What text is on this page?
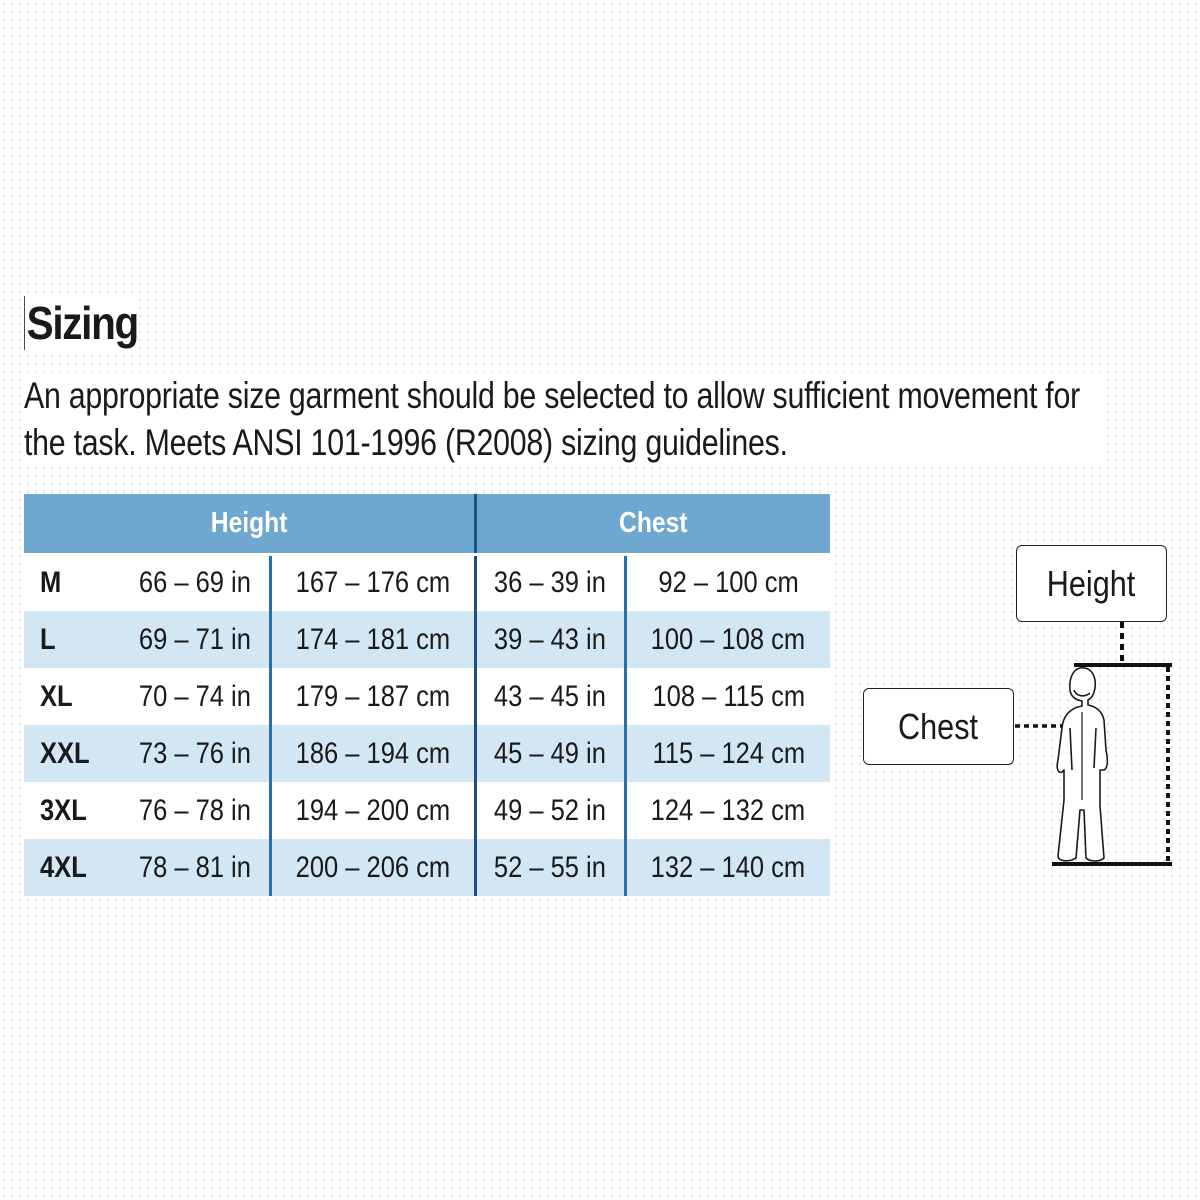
Sizing
An appropriate size garment should be selected to allow sufficient movement for
the task. Meets ANSI 101-1996 (R2008) sizing guidelines.
Height			Chest	
M	66 – 69 in	167 – 176 cm	36 – 39 in	92 – 100 cm
L	69 – 71 in	174 – 181 cm	39 – 43 in	100 – 108 cm
XL	70 – 74 in	179 – 187 cm	43 – 45 in	108 – 115 cm
XXL	73 – 76 in	186 – 194 cm	45 – 49 in	115 – 124 cm
3XL	76 – 78 in	194 – 200 cm	49 – 52 in	124 – 132 cm
4XL	78 – 81 in	200 – 206 cm	52 – 55 in	132 – 140 cm
Height
Chest
